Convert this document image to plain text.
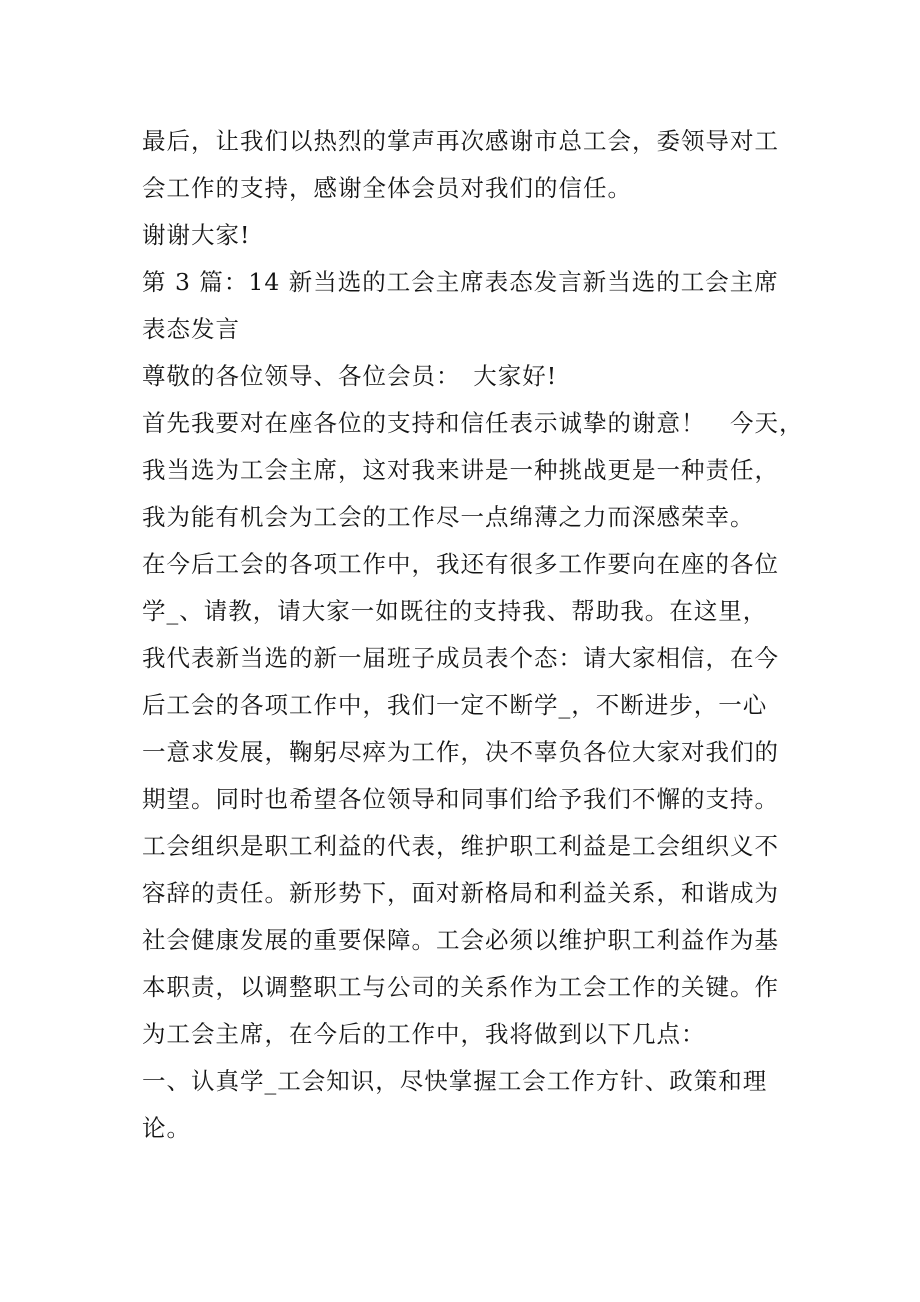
最后，让我们以热烈的掌声再次感谢市总工会，委领导对工
会工作的支持，感谢全体会员对我们的信任。
谢谢大家!
第 3 篇：14 新当选的工会主席表态发言新当选的工会主席
表态发言
尊敬的各位领导、各位会员：　大家好!
首先我要对在座各位的支持和信任表示诚挚的谢意！　今天，
我当选为工会主席，这对我来讲是一种挑战更是一种责任，
我为能有机会为工会的工作尽一点绵薄之力而深感荣幸。
在今后工会的各项工作中，我还有很多工作要向在座的各位
学_、请教，请大家一如既往的支持我、帮助我。在这里，
我代表新当选的新一届班子成员表个态：请大家相信，在今
后工会的各项工作中，我们一定不断学_，不断进步，一心
一意求发展，鞠躬尽瘁为工作，决不辜负各位大家对我们的
期望。同时也希望各位领导和同事们给予我们不懈的支持。
工会组织是职工利益的代表，维护职工利益是工会组织义不
容辞的责任。新形势下，面对新格局和利益关系，和谐成为
社会健康发展的重要保障。工会必须以维护职工利益作为基
本职责，以调整职工与公司的关系作为工会工作的关键。作
为工会主席，在今后的工作中，我将做到以下几点：
一、认真学_工会知识，尽快掌握工会工作方针、政策和理
论。
